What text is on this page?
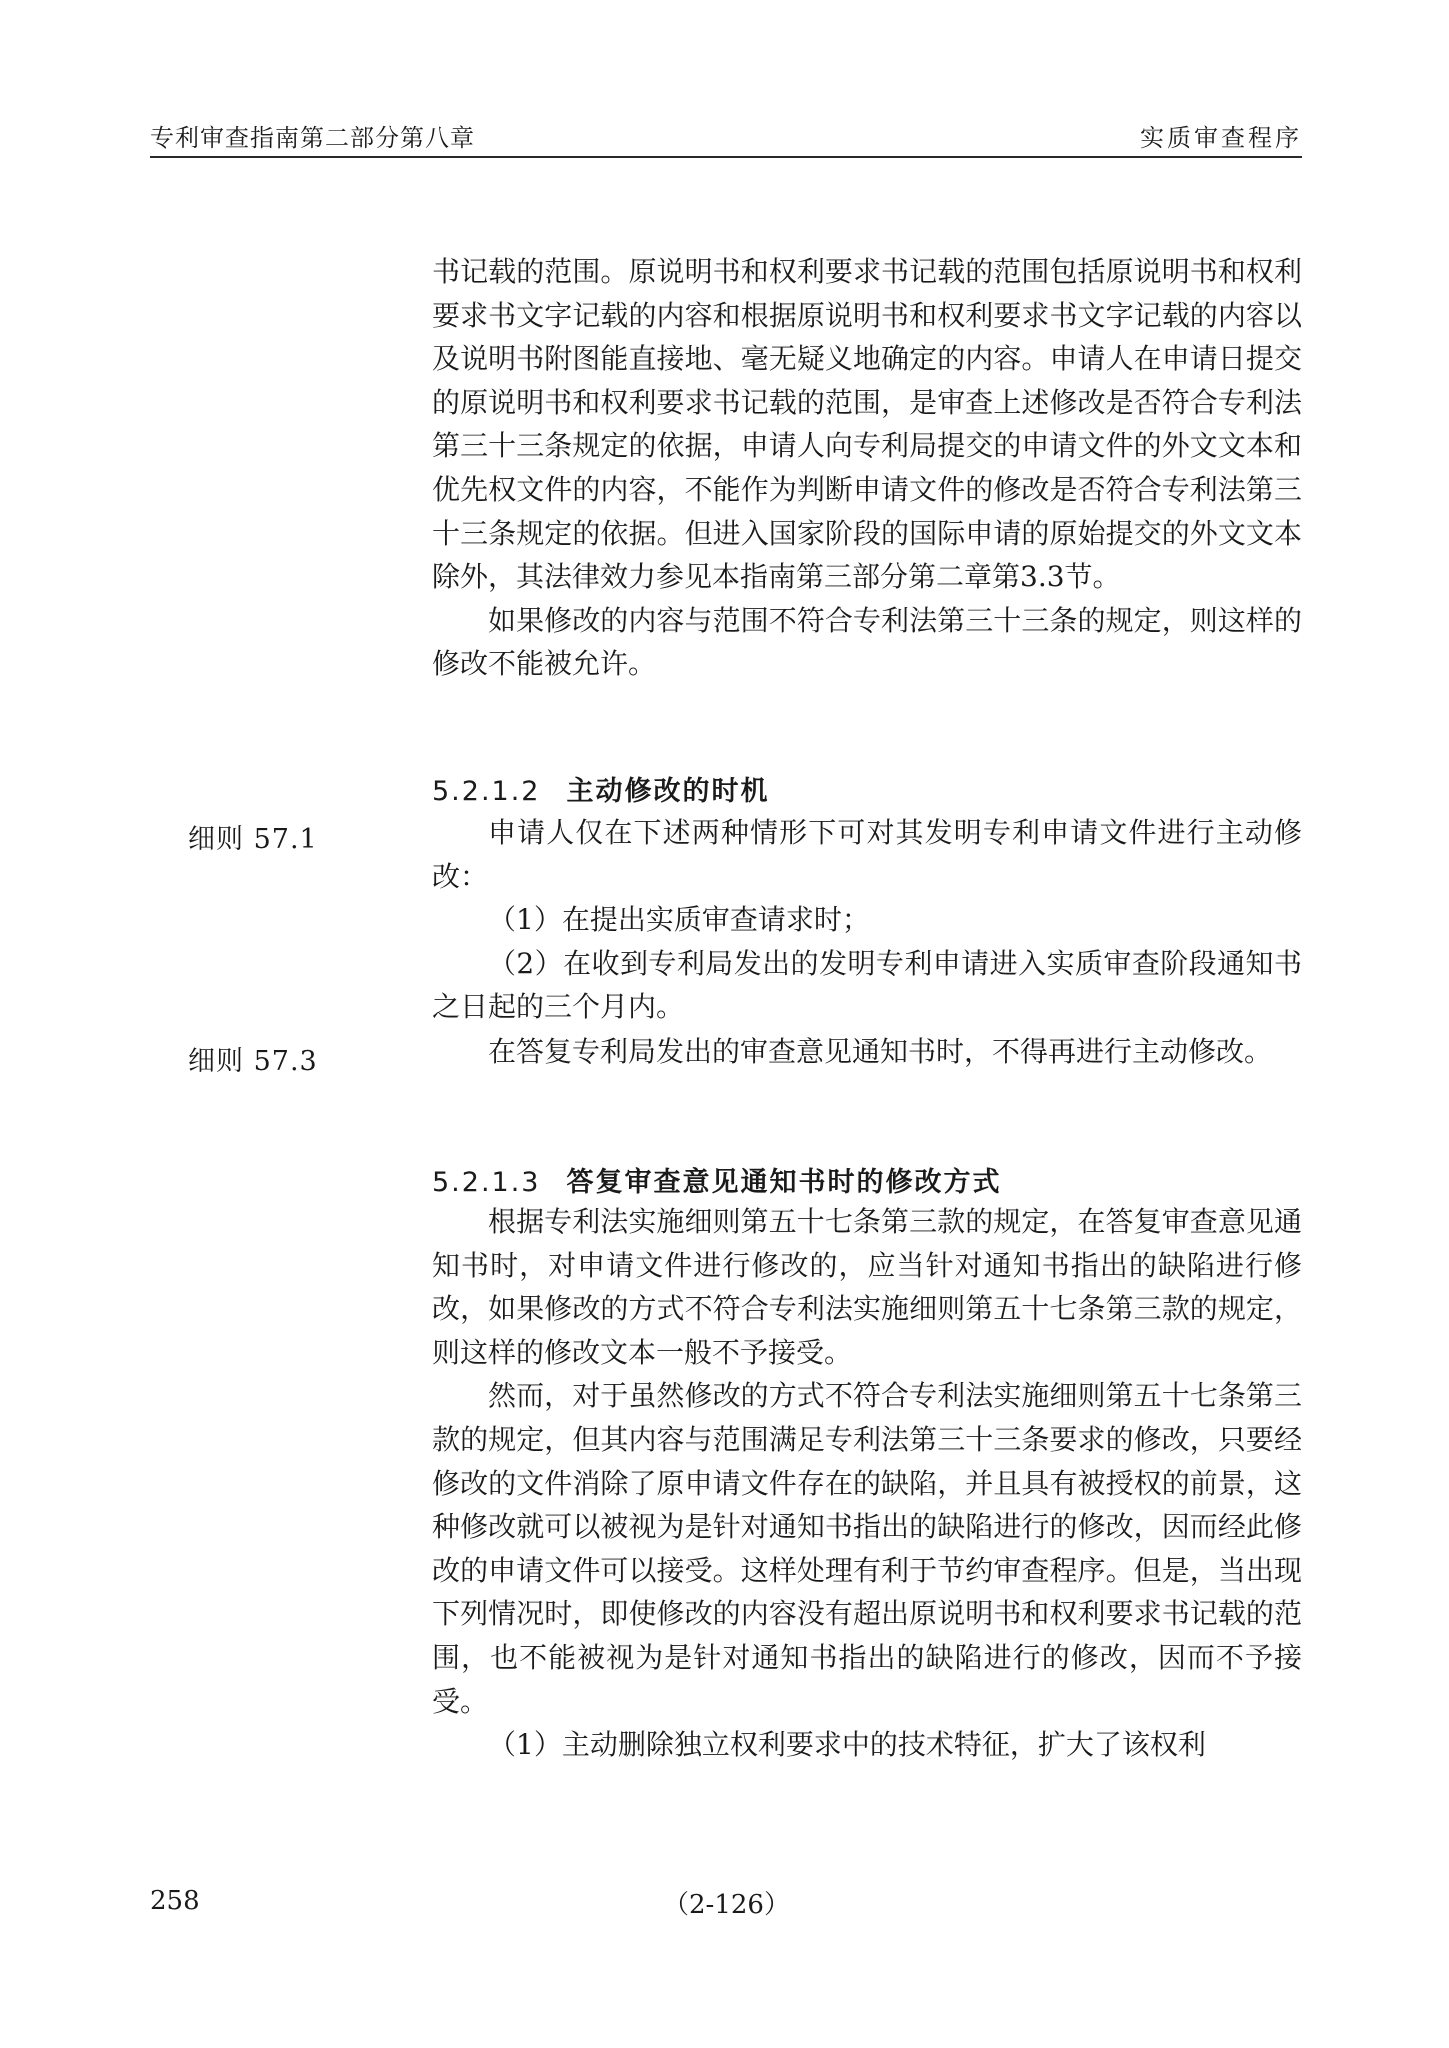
专利审查指南第二部分第八章	实质审查程序

书记载的范围。原说明书和权利要求书记载的范围包括原说明书和权利要求书文字记载的内容和根据原说明书和权利要求书文字记载的内容以及说明书附图能直接地、毫无疑义地确定的内容。申请人在申请日提交的原说明书和权利要求书记载的范围，是审查上述修改是否符合专利法第三十三条规定的依据，申请人向专利局提交的申请文件的外文文本和优先权文件的内容，不能作为判断申请文件的修改是否符合专利法第三十三条规定的依据。但进入国家阶段的国际申请的原始提交的外文文本除外，其法律效力参见本指南第三部分第二章第3.3节。

如果修改的内容与范围不符合专利法第三十三条的规定，则这样的修改不能被允许。

5.2.1.2 主动修改的时机
细则 57.1	申请人仅在下述两种情形下可对其发明专利申请文件进行主动修改：

（1）在提出实质审查请求时；

（2）在收到专利局发出的发明专利申请进入实质审查阶段通知书之日起的三个月内。

细则 57.3	在答复专利局发出的审查意见通知书时，不得再进行主动修改。

5.2.1.3 答复审查意见通知书时的修改方式

根据专利法实施细则第五十七条第三款的规定，在答复审查意见通知书时，对申请文件进行修改的，应当针对通知书指出的缺陷进行修改，如果修改的方式不符合专利法实施细则第五十七条第三款的规定，则这样的修改文本一般不予接受。

然而，对于虽然修改的方式不符合专利法实施细则第五十七条第三款的规定，但其内容与范围满足专利法第三十三条要求的修改，只要经修改的文件消除了原申请文件存在的缺陷，并且具有被授权的前景，这种修改就可以被视为是针对通知书指出的缺陷进行的修改，因而经此修改的申请文件可以接受。这样处理有利于节约审查程序。但是，当出现下列情况时，即使修改的内容没有超出原说明书和权利要求书记载的范围，也不能被视为是针对通知书指出的缺陷进行的修改，因而不予接受。

（1）主动删除独立权利要求中的技术特征，扩大了该权利

258	（2-126）
